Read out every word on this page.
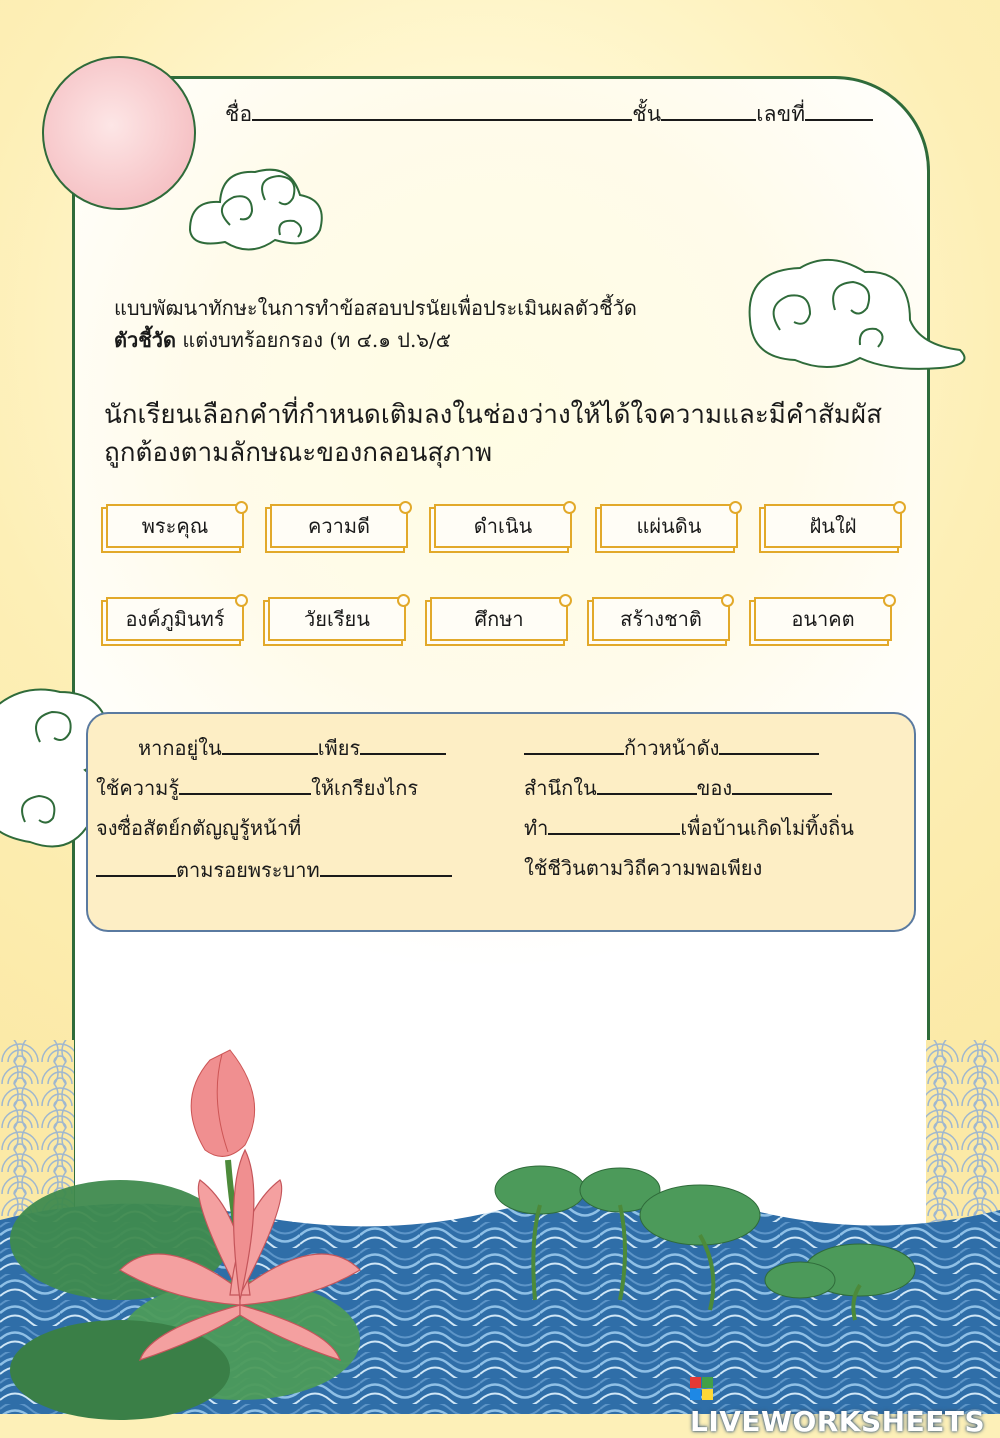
ชื่อ	ชั้น	เลขที่
แบบพัฒนาทักษะในการทำข้อสอบปรนัยเพื่อประเมินผลตัวชี้วัด
ตัวชี้วัด แต่งบทร้อยกรอง (ท ๔.๑ ป.๖/๕
นักเรียนเลือกคำที่กำหนดเติมลงในช่องว่างให้ได้ใจความและมีคำสัมผัส
ถูกต้องตามลักษณะของกลอนสุภาพ
พระคุณ	ความดี	ดำเนิน	แผ่นดิน	ฝันใฝ่
องค์ภูมินทร์	วัยเรียน	ศึกษา	สร้างชาติ	อนาคต
หากอยู่ใน	เพียร
ใช้ความรู้	ให้เกรียงไกร
จงซื่อสัตย์กตัญญูรู้หน้าที่
ตามรอยพระบาท
ก้าวหน้าดัง
สำนึกใน	ของ
ทำ	เพื่อบ้านเกิดไม่ทิ้งถิ่น
ใช้ชีวินตามวิถีความพอเพียง
LIVEWORKSHEETS
